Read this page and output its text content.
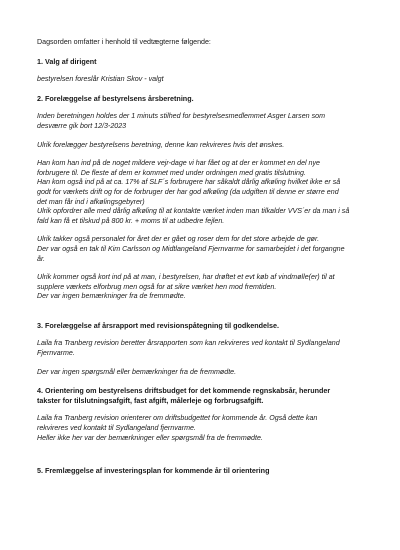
Dagsorden omfatter i henhold til vedtægterne følgende:
1. Valg af dirigent
bestyrelsen foreslår Kristian Skov - valgt
2. Forelæggelse af bestyrelsens årsberetning.
Inden beretningen holdes der 1 minuts stilhed for bestyrelsesmedlemmet Asger Larsen som
desværre gik bort 12/3-2023
Ulrik forelægger bestyrelsens beretning, denne kan rekvireres hvis det ønskes.
Han kom han ind på de noget mildere vejr-dage vi har fået og at der er kommet en del nye
forbrugere til. De fleste af dem er kommet med under ordningen med gratis tilslutning.
Han kom også ind på at ca. 17% af SLF´s forbrugere har såkaldt dårlig afkøling hvilket ikke er så
godt for værkets drift og for de forbruger der har god afkøling (da udgiften til denne er større end
det man får ind i afkølingsgebyrer)
Ulrik opfordrer alle med dårlig afkøling til at kontakte værket inden man tilkalder VVS´er da man i så
fald kan få et tilskud på 800 kr. + moms til at udbedre fejlen.
Ulrik takker også personalet for året der er gået og roser dem for det store arbejde de gør.
Der var også en tak til Kim Carlsson og Midtlangeland Fjernvarme for samarbejdet i det forgangne
år.
Ulrik kommer også kort ind på at man, i bestyrelsen, har drøftet et evt køb af vindmølle(er) til at
supplere værkets elforbrug men også for at sikre værket hen mod fremtiden.
Der var ingen bemærkninger fra de fremmødte.
3. Forelæggelse af årsrapport med revisionspåtegning til godkendelse.
Laila fra Tranberg revision beretter årsrapporten som kan rekvireres ved kontakt til Sydlangeland
Fjernvarme.
Der var ingen spørgsmål eller bemærkninger fra de fremmødte.
4. Orientering om bestyrelsens driftsbudget for det kommende regnskabsår, herunder
takster for tilslutningsafgift, fast afgift, målerleje og forbrugsafgift.
Laila fra Tranberg revision orienterer om driftsbudgettet for kommende år. Også dette kan
rekvireres ved kontakt til Sydlangeland fjernvarme.
Heller ikke her var der bemærkninger eller spørgsmål fra de fremmødte.
5. Fremlæggelse af investeringsplan for kommende år til orientering
